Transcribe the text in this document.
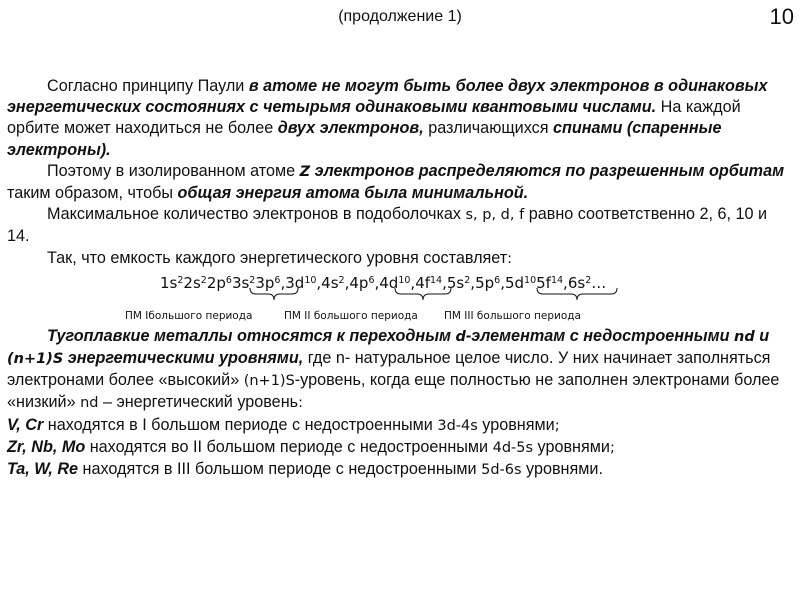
(продолжение 1)	10

Согласно принципу Паули в атоме не могут быть более двух электронов в одинаковых энергетических состояниях с четырьмя одинаковыми квантовыми числами. На каждой орбите может находиться не более двух электронов, различающихся спинами (спаренные электроны).

Поэтому в изолированном атоме Z электронов распределяются по разрешенным орбитам таким образом, чтобы общая энергия атома была минимальной.

Максимальное количество электронов в подоболочках s, p, d, f равно соответственно 2, 6, 10 и 14.

Так, что емкость каждого энергетического уровня составляет:

$1s^22s^22p^63s^23p^6,3d^{10},4s^2,4p^6,4d^{10},4f^{14},5s^2,5p^6,5d^{10}5f^{14},6s^2\dots$
ПМ Iбольшого периода	ПМ II большого периода ПМ III большого периода

Тугоплавкие металлы относятся к переходным d-элементам с недостроенными nd и (n+1)S энергетическими уровнями, где n- натуральное целое число. У них начинает заполняться электронами более «высокий» (n+1)S-уровень, когда еще полностью не заполнен электронами более «низкий» nd – энергетический уровень:

V, Cr находятся в I большом периоде с недостроенными 3d-4s уровнями;

Zr, Nb, Mo находятся во II большом периоде с недостроенными 4d-5s уровнями;

Ta, W, Re находятся в III большом периоде с недостроенными 5d-6s уровнями.
